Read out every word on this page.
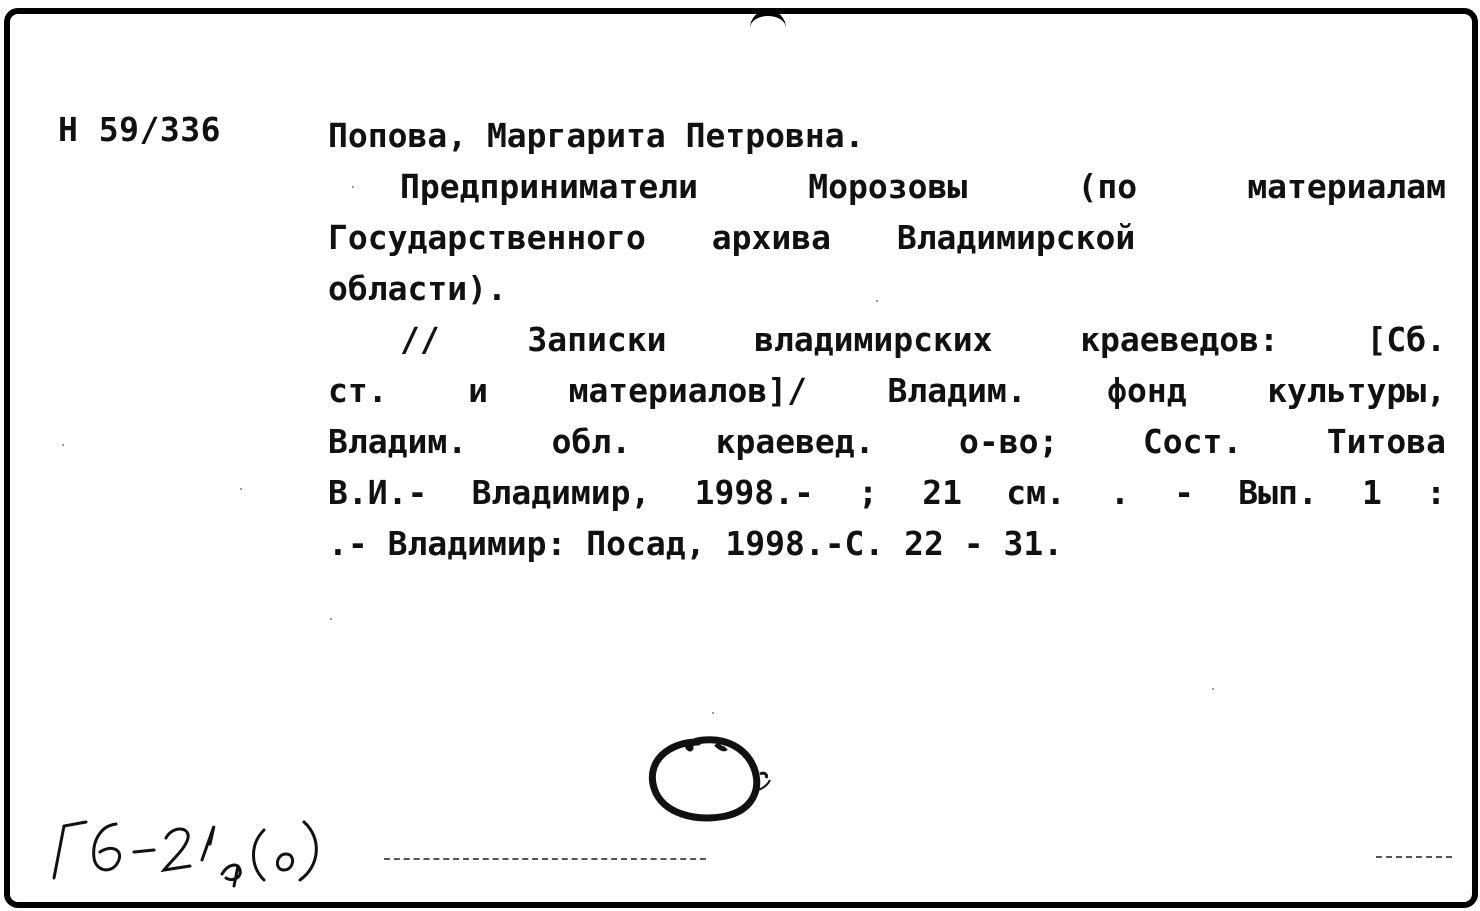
Н 59/336	Попова, Маргарита Петровна.
Предприниматели Морозовы (по материалам
Государственного архива Владимирской
области).
// Записки владимирских краеведов: [Сб.
ст. и материалов]/ Владим. фонд культуры,
Владим. обл. краевед. о-во; Сост. Титова
В.И.- Владимир, 1998.- ; 21 см. . - Вып. 1 :
.- Владимир: Посад, 1998.-С. 22 - 31.
